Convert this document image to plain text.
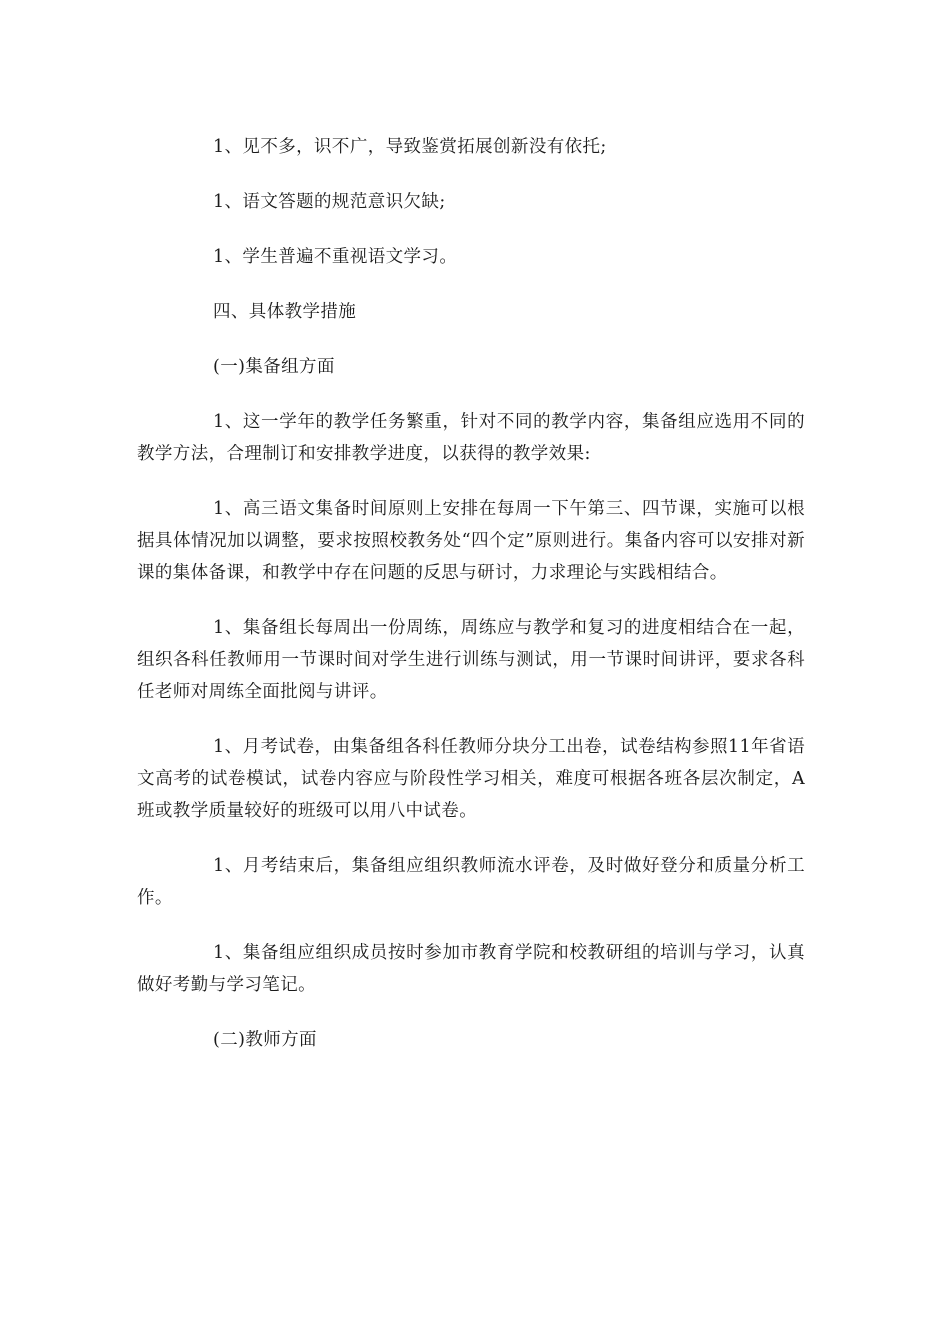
1、见不多，识不广，导致鉴赏拓展创新没有依托;

1、语文答题的规范意识欠缺;

1、学生普遍不重视语文学习。

四、具体教学措施

(一)集备组方面

1、这一学年的教学任务繁重，针对不同的教学内容，集备组应选用不同的教学方法，合理制订和安排教学进度，以获得的教学效果:

1、高三语文集备时间原则上安排在每周一下午第三、四节课，实施可以根据具体情况加以调整，要求按照校教务处“四个定”原则进行。集备内容可以安排对新课的集体备课，和教学中存在问题的反思与研讨，力求理论与实践相结合。

1、集备组长每周出一份周练，周练应与教学和复习的进度相结合在一起，组织各科任教师用一节课时间对学生进行训练与测试，用一节课时间讲评，要求各科任老师对周练全面批阅与讲评。

1、月考试卷，由集备组各科任教师分块分工出卷，试卷结构参照11年省语文高考的试卷模试，试卷内容应与阶段性学习相关，难度可根据各班各层次制定，A班或教学质量较好的班级可以用八中试卷。

1、月考结束后，集备组应组织教师流水评卷，及时做好登分和质量分析工作。

1、集备组应组织成员按时参加市教育学院和校教研组的培训与学习，认真做好考勤与学习笔记。

(二)教师方面
